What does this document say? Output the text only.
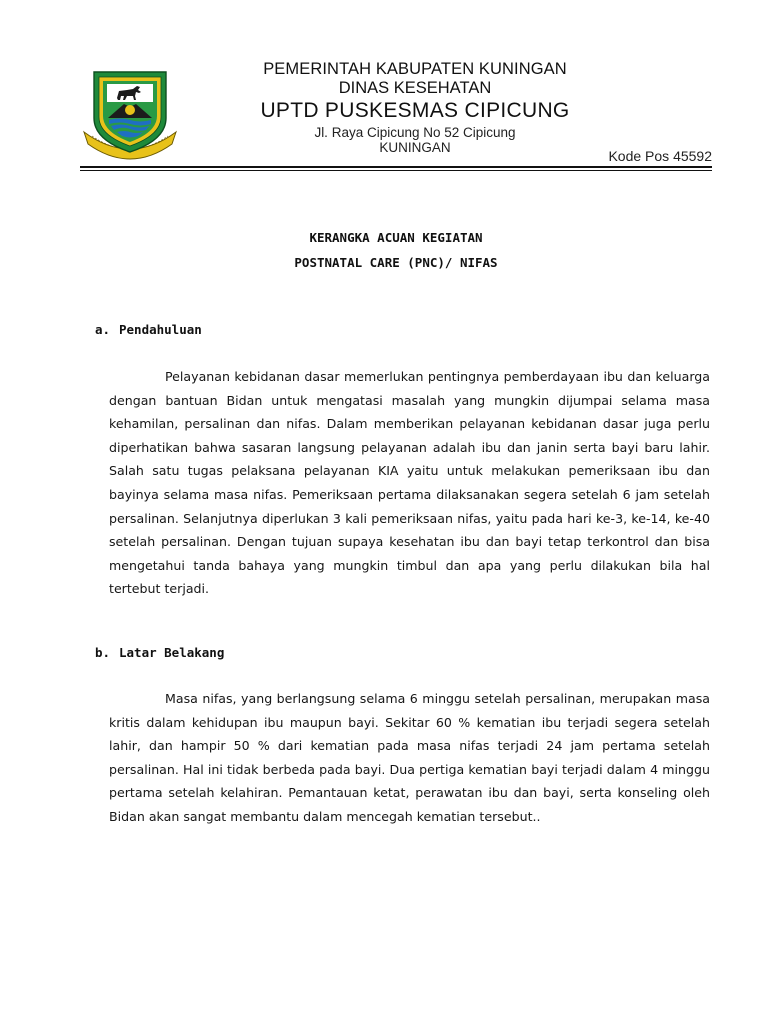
PEMERINTAH KABUPATEN KUNINGAN
DINAS KESEHATAN
UPTD PUSKESMAS CIPICUNG
Jl. Raya Cipicung No 52 Cipicung
KUNINGAN
Kode Pos 45592
KERANGKA ACUAN KEGIATAN
POSTNATAL CARE (PNC)/ NIFAS
a. Pendahuluan
Pelayanan kebidanan dasar memerlukan pentingnya pemberdayaan ibu dan keluarga dengan bantuan Bidan untuk mengatasi masalah yang mungkin dijumpai selama masa kehamilan, persalinan dan nifas. Dalam memberikan pelayanan kebidanan dasar juga perlu diperhatikan bahwa sasaran langsung pelayanan adalah ibu dan janin serta bayi baru lahir. Salah satu tugas pelaksana pelayanan KIA yaitu untuk melakukan pemeriksaan ibu dan bayinya selama masa nifas. Pemeriksaan pertama dilaksanakan segera setelah 6 jam setelah persalinan. Selanjutnya diperlukan 3 kali pemeriksaan nifas, yaitu pada hari ke-3, ke-14, ke-40 setelah persalinan. Dengan tujuan supaya kesehatan ibu dan bayi tetap terkontrol dan bisa mengetahui tanda bahaya yang mungkin timbul dan apa yang perlu dilakukan bila hal tertebut terjadi.
b. Latar Belakang
Masa nifas, yang berlangsung selama 6 minggu setelah persalinan, merupakan masa kritis dalam kehidupan ibu maupun bayi. Sekitar 60 % kematian ibu terjadi segera setelah lahir, dan hampir 50 % dari kematian pada masa nifas terjadi 24 jam pertama setelah persalinan. Hal ini tidak berbeda pada bayi. Dua pertiga kematian bayi terjadi dalam 4 minggu pertama setelah kelahiran. Pemantauan ketat, perawatan ibu dan bayi, serta konseling oleh Bidan akan sangat membantu dalam mencegah kematian tersebut..
